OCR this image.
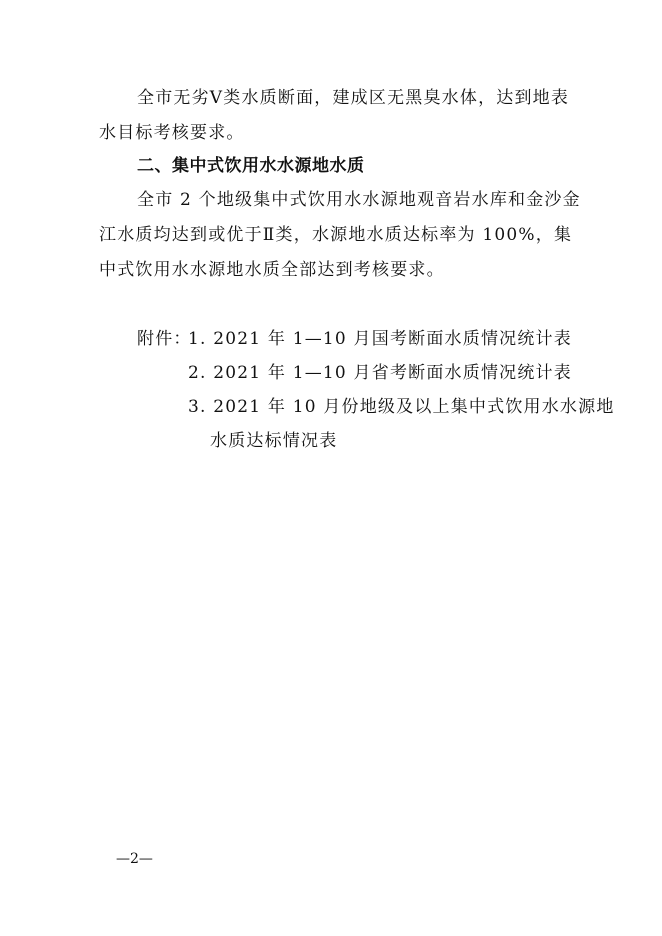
全市无劣Ⅴ类水质断面，建成区无黑臭水体，达到地表
水目标考核要求。
二、集中式饮用水水源地水质
全市 2 个地级集中式饮用水水源地观音岩水库和金沙金
江水质均达到或优于Ⅱ类，水源地水质达标率为 100%，集
中式饮用水水源地水质全部达到考核要求。
附件：
1. 2021 年 1—10 月国考断面水质情况统计表
2. 2021 年 1—10 月省考断面水质情况统计表
3. 2021 年 10 月份地级及以上集中式饮用水水源地
水质达标情况表
—2—
